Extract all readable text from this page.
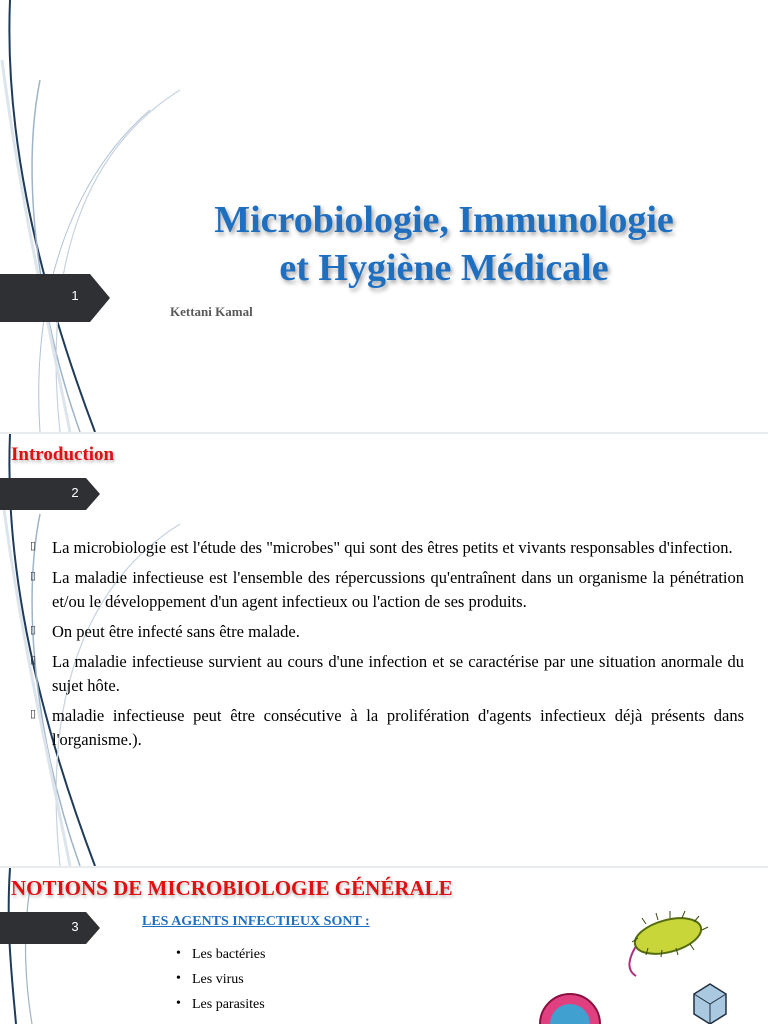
1
Microbiologie, Immunologie
et Hygiène Médicale
Kettani Kamal
Introduction
2
▯ La microbiologie est l'étude des "microbes" qui sont des êtres petits et vivants responsables d'infection.
▯ La maladie infectieuse est l'ensemble des répercussions qu'entraînent dans un organisme la pénétration et/ou le développement d'un agent infectieux ou l'action de ses produits.
▯ On peut être infecté sans être malade.
▯ La maladie infectieuse survient au cours d'une infection et se caractérise par une situation anormale du sujet hôte.
▯ maladie infectieuse peut être consécutive à la prolifération d'agents infectieux déjà présents dans l'organisme.).
NOTIONS DE MICROBIOLOGIE GÉNÉRALE
3	LES AGENTS INFECTIEUX SONT :
• Les bactéries
• Les virus
• Les parasites
